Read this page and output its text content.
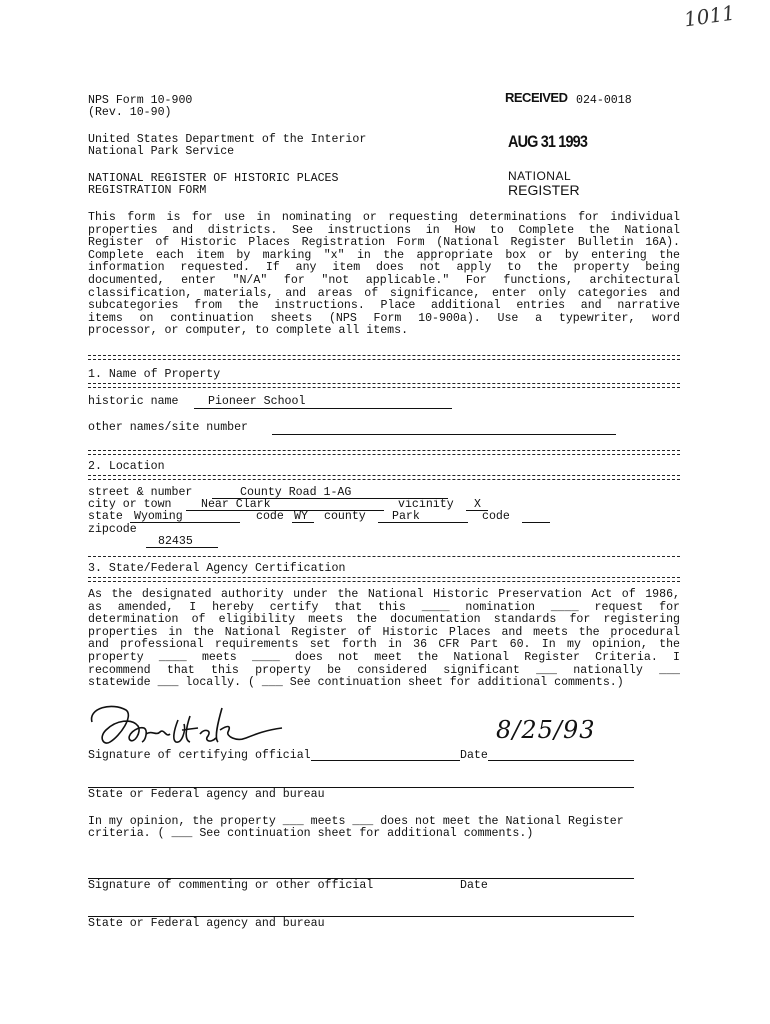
1011
NPS Form 10-900
(Rev. 10-90)
United States Department of the Interior
National Park Service
NATIONAL REGISTER OF HISTORIC PLACES
REGISTRATION FORM
RECEIVED 024-0018
AUG 31 1993
NATIONAL
REGISTER
This form is for use in nominating or requesting determinations for individual
properties and districts. See instructions in How to Complete the National
Register of Historic Places Registration Form (National Register Bulletin 16A).
Complete each item by marking "x" in the appropriate box or by entering the
information requested. If any item does not apply to the property being
documented, enter "N/A" for "not applicable." For functions, architectural
classification, materials, and areas of significance, enter only categories and
subcategories from the instructions. Place additional entries and narrative
items on continuation sheets (NPS Form 10-900a). Use a typewriter, word
processor, or computer, to complete all items.
1. Name of Property
historic name	Pioneer School
other names/site number
2. Location
street & number	County Road 1-AG
city or town	Near Clark	vicinity X
state Wyoming	code WY county Park	code
zipcode
82435
3. State/Federal Agency Certification
As the designated authority under the National Historic Preservation Act of 1986,
as amended, I hereby certify that this ____ nomination ____ request for
determination of eligibility meets the documentation standards for registering
properties in the National Register of Historic Places and meets the procedural
and professional requirements set forth in 36 CFR Part 60. In my opinion, the
property ____ meets ____ does not meet the National Register Criteria. I
recommend that this property be considered significant ___ nationally ___
statewide ___ locally. ( ___ See continuation sheet for additional comments.)
8/25/93
Signature of certifying official	Date
State or Federal agency and bureau
In my opinion, the property ___ meets ___ does not meet the National Register
criteria. ( ___ See continuation sheet for additional comments.)
Signature of commenting or other official	Date
State or Federal agency and bureau
